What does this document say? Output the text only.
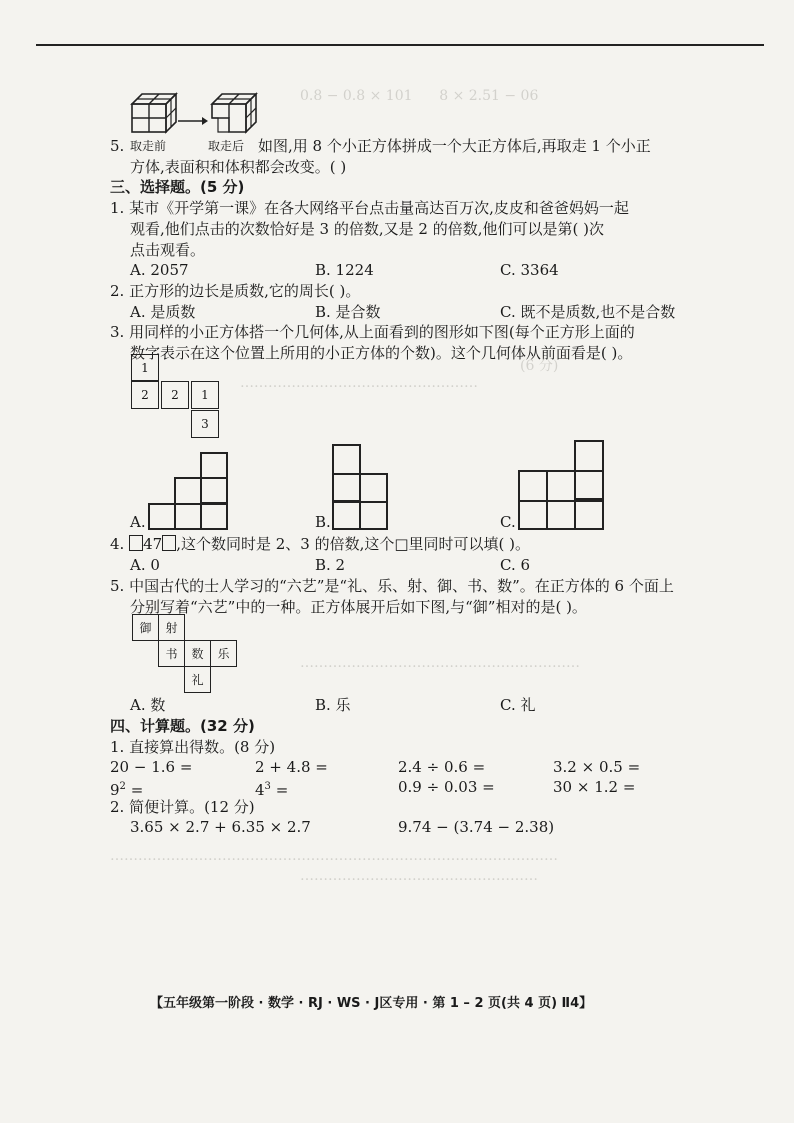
0.8 − 0.8 × 101      8 × 2.51 − 06
取走前	取走后
5.	如图,用 8 个小正方体拼成一个大正方体后,再取走 1 个小正
方体,表面积和体积都会改变。( )
三、选择题。(5 分)
1. 某市《开学第一课》在各大网络平台点击量高达百万次,皮皮和爸爸妈妈一起
观看,他们点击的次数恰好是 3 的倍数,又是 2 的倍数,他们可以是第( )次
点击观看。
A. 2057	B. 1224	C. 3364
2. 正方形的边长是质数,它的周长( )。
A. 是质数	B. 是合数	C. 既不是质数,也不是合数
3. 用同样的小正方体搭一个几何体,从上面看到的图形如下图(每个正方形上面的
数字表示在这个位置上所用的小正方体的个数)。这个几何体从前面看是( )。
1
2	2	1
3
(6 分)
……………………………………………
A.	B.	C.
4. 47 ,这个数同时是 2、3 的倍数,这个□里同时可以填( )。
A. 0	B. 2	C. 6
5. 中国古代的士人学习的“六艺”是“礼、乐、射、御、书、数”。在正方体的 6 个面上
分别写着“六艺”中的一种。正方体展开后如下图,与“御”相对的是( )。
御	射
书	数	乐
礼
……………………………………………………
A. 数	B. 乐	C. 礼
四、计算题。(32 分)
1. 直接算出得数。(8 分)
20 − 1.6 =	2 + 4.8 =	2.4 ÷ 0.6 =	3.2 × 0.5 =
$9^2$ =	$4^3$ =	0.9 ÷ 0.03 =	30 × 1.2 =
2. 简便计算。(12 分)
3.65 × 2.7 + 6.35 × 2.7	9.74 − (3.74 − 2.38)
……………………………………………………………………………………
……………………………………………
【五年级第一阶段 · 数学 · RJ · WS · J区专用 · 第 1 – 2 页(共 4 页) Ⅱ4】
